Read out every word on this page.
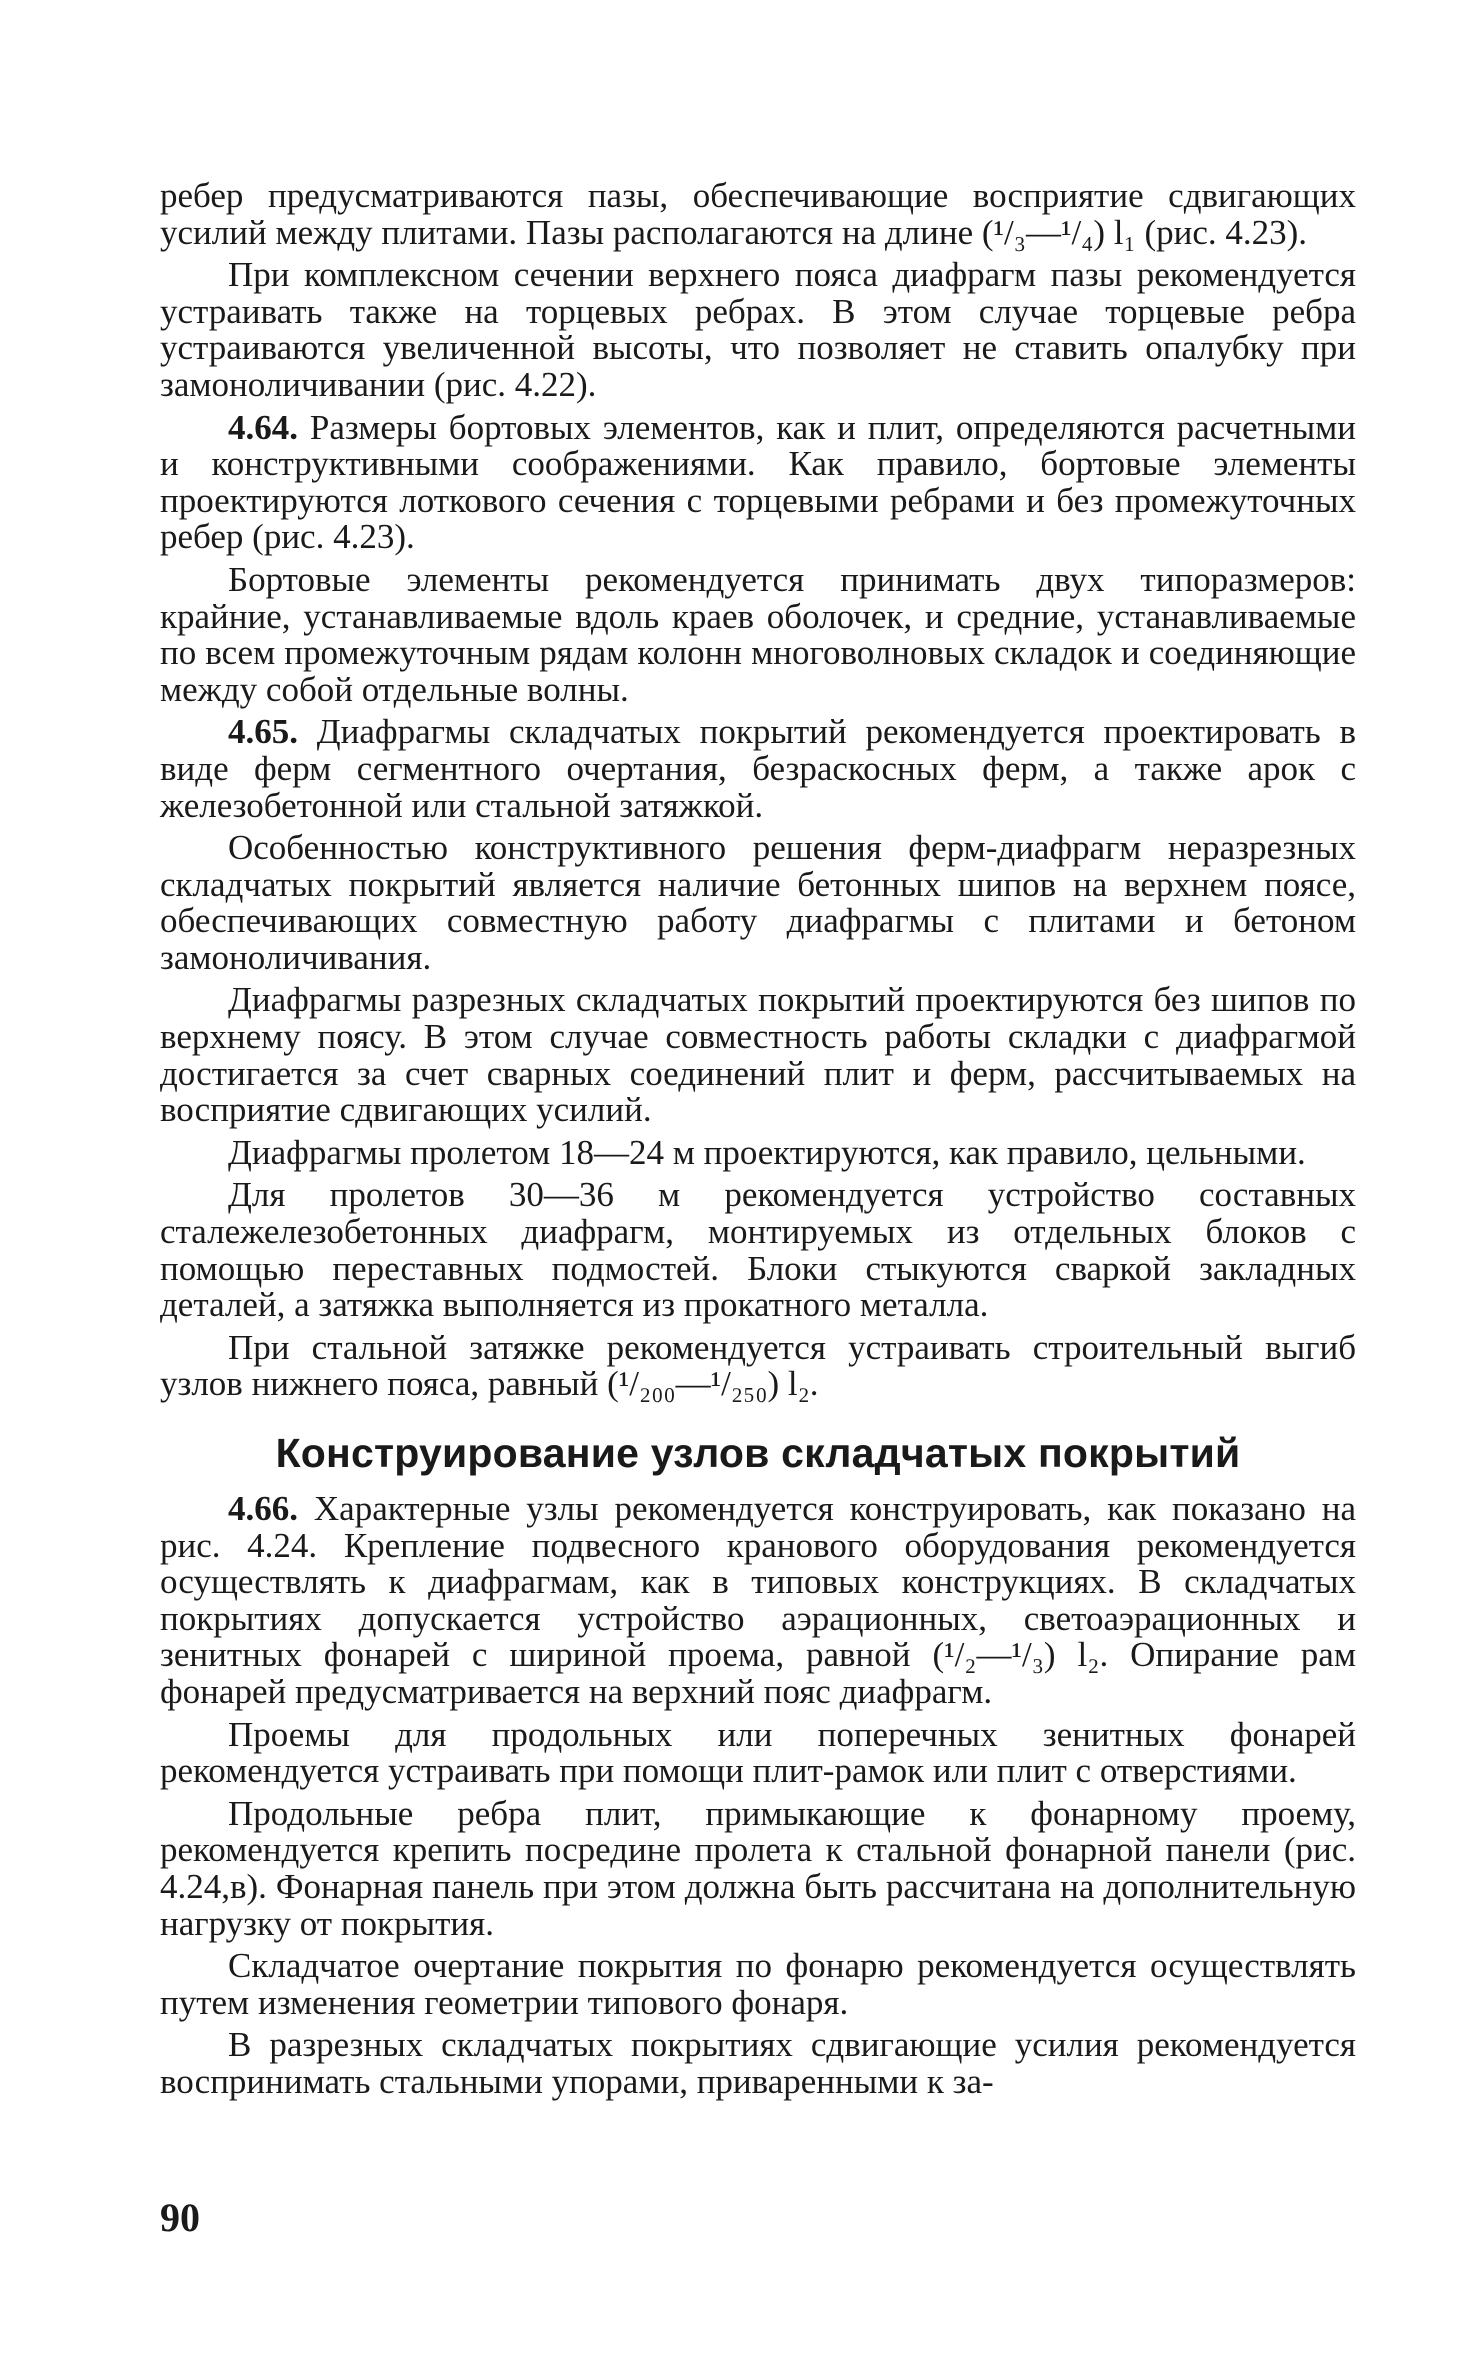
ребер предусматриваются пазы, обеспечивающие восприятие сдвигающих усилий между плитами. Пазы располагаются на длине (¹/₃—¹/₄) l₁ (рис. 4.23).

При комплексном сечении верхнего пояса диафрагм пазы рекомендуется устраивать также на торцевых ребрах. В этом случае торцевые ребра устраиваются увеличенной высоты, что позволяет не ставить опалубку при замоноличивании (рис. 4.22).

4.64. Размеры бортовых элементов, как и плит, определяются расчетными и конструктивными соображениями. Как правило, бортовые элементы проектируются лоткового сечения с торцевыми ребрами и без промежуточных ребер (рис. 4.23).

Бортовые элементы рекомендуется принимать двух типоразмеров: крайние, устанавливаемые вдоль краев оболочек, и средние, устанавливаемые по всем промежуточным рядам колонн многоволновых складок и соединяющие между собой отдельные волны.

4.65. Диафрагмы складчатых покрытий рекомендуется проектировать в виде ферм сегментного очертания, безраскосных ферм, а также арок с железобетонной или стальной затяжкой.

Особенностью конструктивного решения ферм-диафрагм неразрезных складчатых покрытий является наличие бетонных шипов на верхнем поясе, обеспечивающих совместную работу диафрагмы с плитами и бетоном замоноличивания.

Диафрагмы разрезных складчатых покрытий проектируются без шипов по верхнему поясу. В этом случае совместность работы складки с диафрагмой достигается за счет сварных соединений плит и ферм, рассчитываемых на восприятие сдвигающих усилий.

Диафрагмы пролетом 18—24 м проектируются, как правило, цельными.

Для пролетов 30—36 м рекомендуется устройство составных сталежелезобетонных диафрагм, монтируемых из отдельных блоков с помощью переставных подмостей. Блоки стыкуются сваркой закладных деталей, а затяжка выполняется из прокатного металла.

При стальной затяжке рекомендуется устраивать строительный выгиб узлов нижнего пояса, равный (¹/₂₀₀—¹/₂₅₀) l₂.

Конструирование узлов складчатых покрытий

4.66. Характерные узлы рекомендуется конструировать, как показано на рис. 4.24. Крепление подвесного кранового оборудования рекомендуется осуществлять к диафрагмам, как в типовых конструкциях. В складчатых покрытиях допускается устройство аэрационных, светоаэрационных и зенитных фонарей с шириной проема, равной (¹/₂—¹/₃) l₂. Опирание рам фонарей предусматривается на верхний пояс диафрагм.

Проемы для продольных или поперечных зенитных фонарей рекомендуется устраивать при помощи плит-рамок или плит с отверстиями.

Продольные ребра плит, примыкающие к фонарному проему, рекомендуется крепить посредине пролета к стальной фонарной панели (рис. 4.24,в). Фонарная панель при этом должна быть рассчитана на дополнительную нагрузку от покрытия.

Складчатое очертание покрытия по фонарю рекомендуется осуществлять путем изменения геометрии типового фонаря.

В разрезных складчатых покрытиях сдвигающие усилия рекомендуется воспринимать стальными упорами, приваренными к за-

90
